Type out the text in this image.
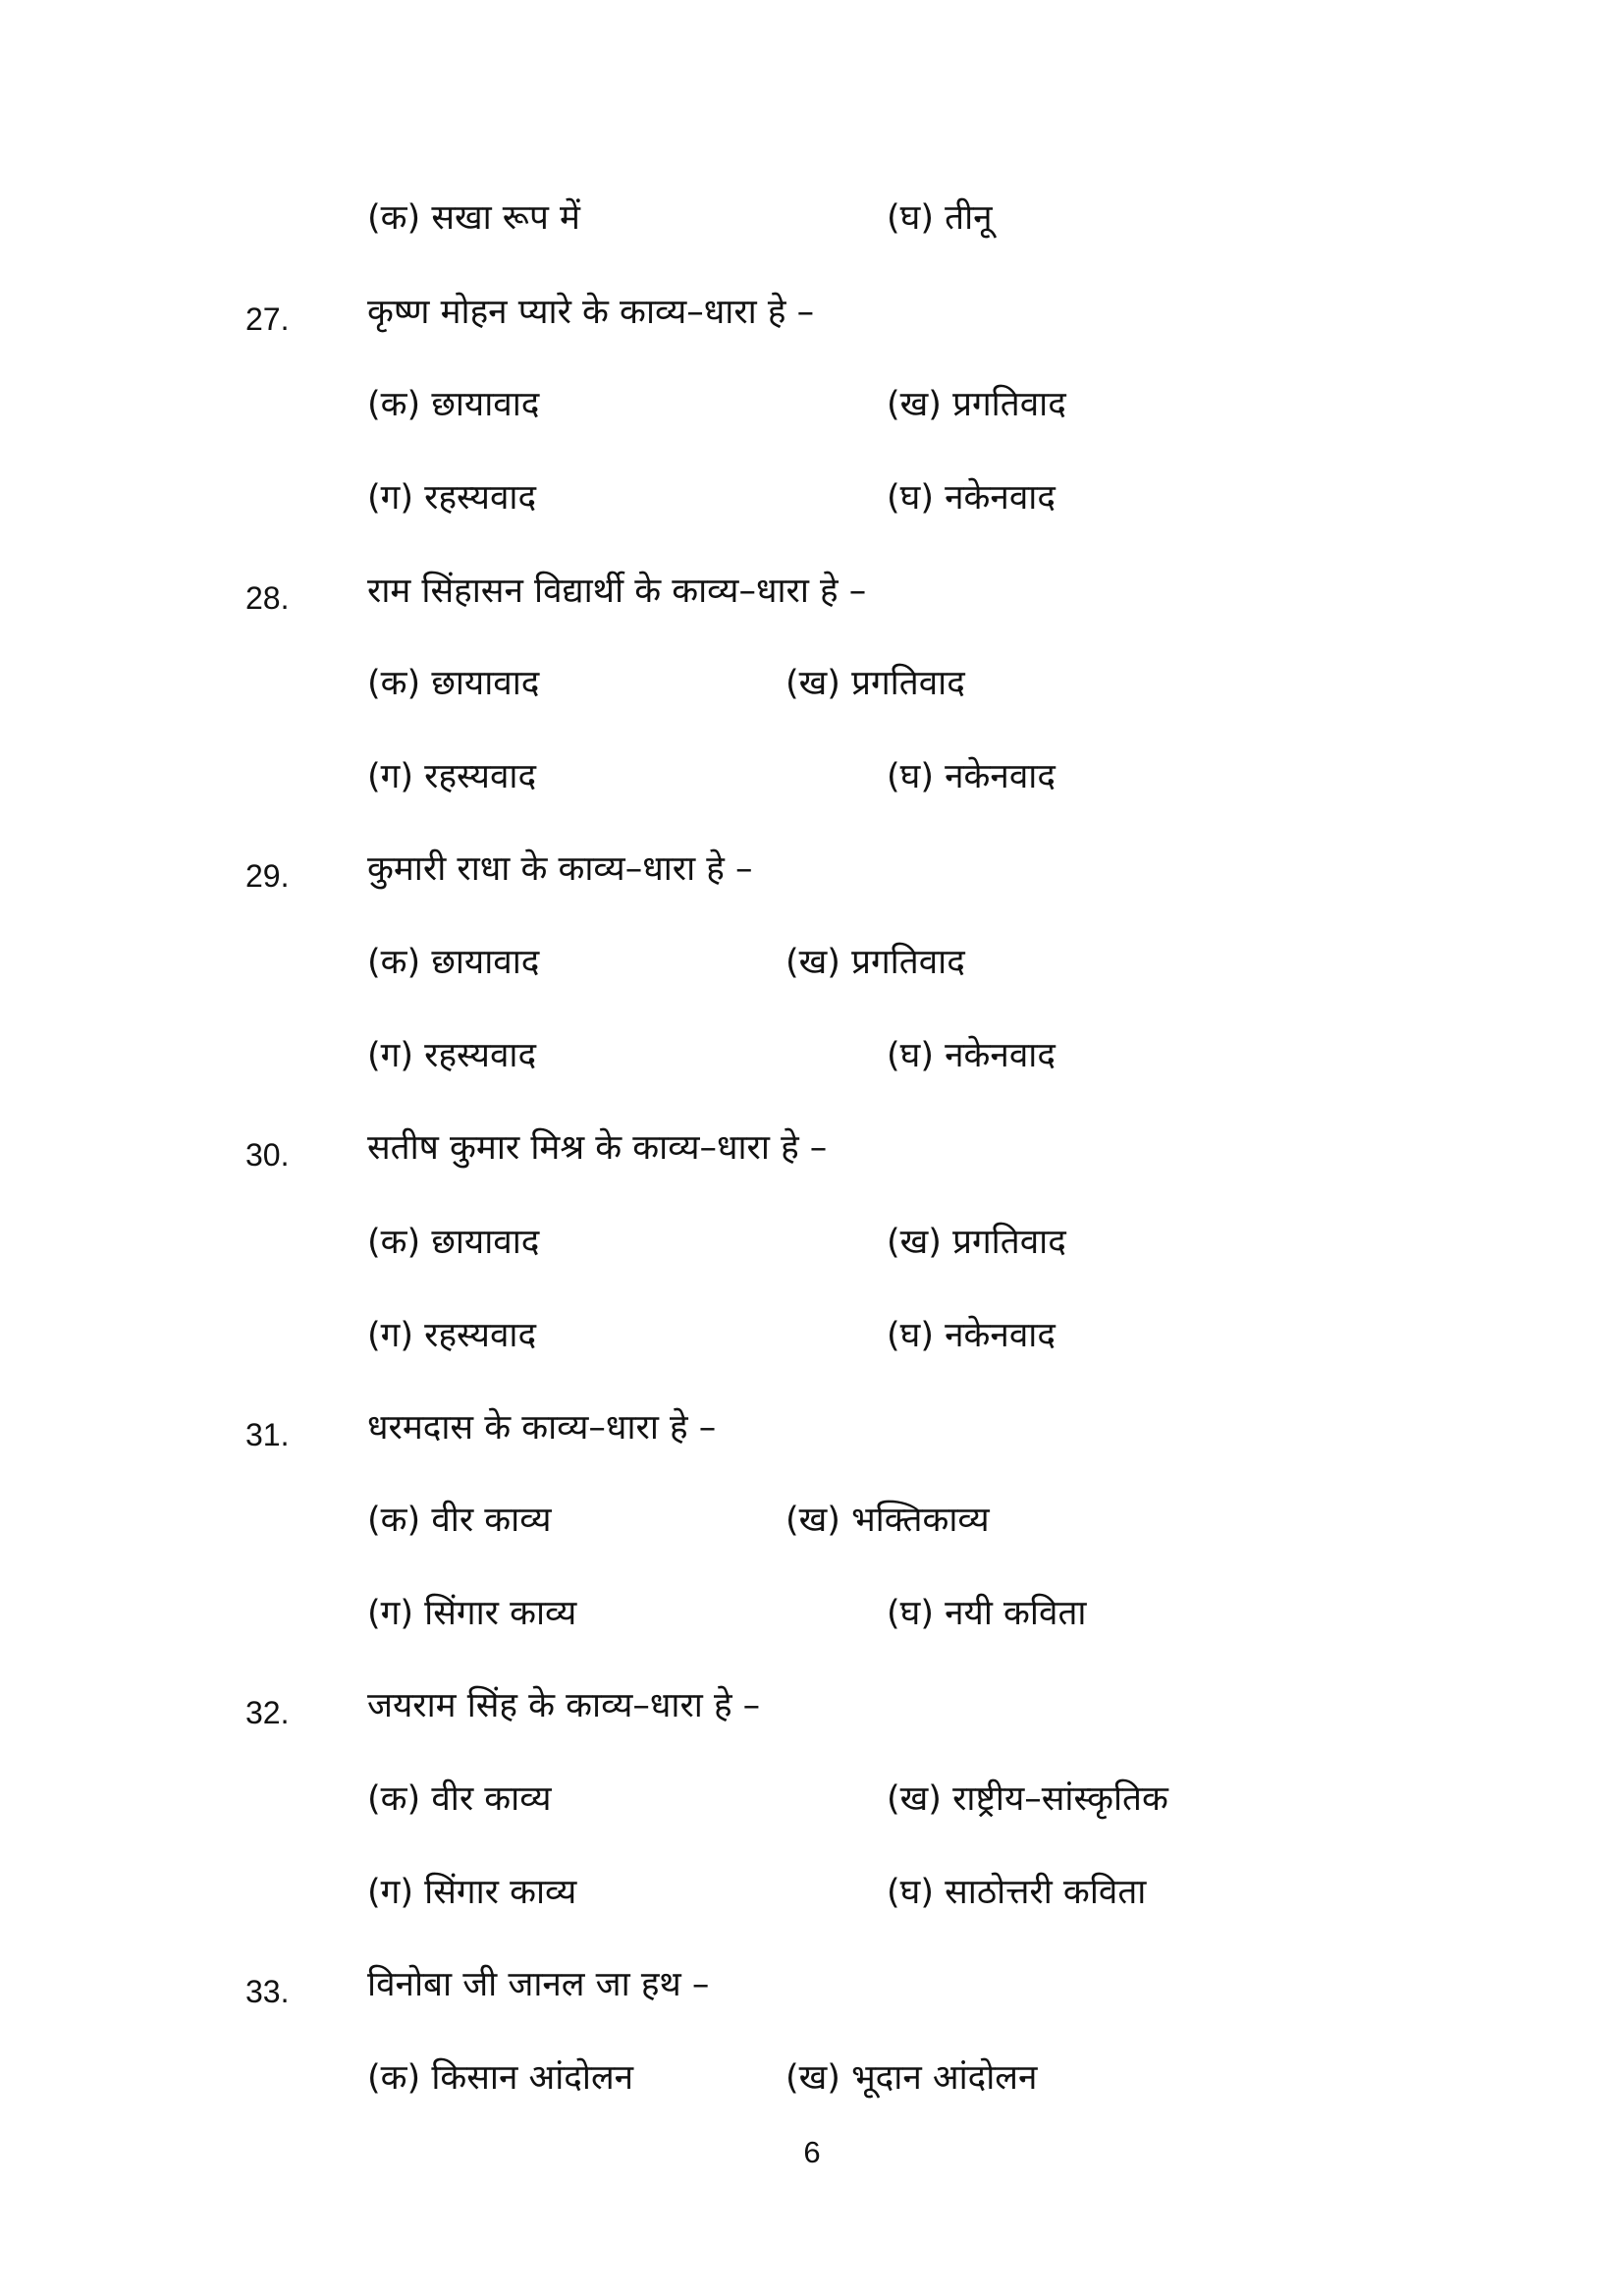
(क) सखा रूप में	(घ) तीनू
27. कृष्ण मोहन प्यारे के काव्य–धारा हे –
(क) छायावाद	(ख) प्रगतिवाद
(ग) रहस्यवाद	(घ) नकेनवाद
28. राम सिंहासन विद्यार्थी के काव्य–धारा हे –
(क) छायावाद	(ख) प्रगतिवाद
(ग) रहस्यवाद	(घ) नकेनवाद
29. कुमारी राधा के काव्य–धारा हे –
(क) छायावाद	(ख) प्रगतिवाद
(ग) रहस्यवाद	(घ) नकेनवाद
30. सतीष कुमार मिश्र के काव्य–धारा हे –
(क) छायावाद	(ख) प्रगतिवाद
(ग) रहस्यवाद	(घ) नकेनवाद
31. धरमदास के काव्य–धारा हे –
(क) वीर काव्य	(ख) भक्तिकाव्य
(ग) सिंगार काव्य	(घ) नयी कविता
32. जयराम सिंह के काव्य–धारा हे –
(क) वीर काव्य	(ख) राष्ट्रीय–सांस्कृतिक
(ग) सिंगार काव्य	(घ) साठोत्तरी कविता
33. विनोबा जी जानल जा हथ –
(क) किसान आंदोलन	(ख) भूदान आंदोलन
6
